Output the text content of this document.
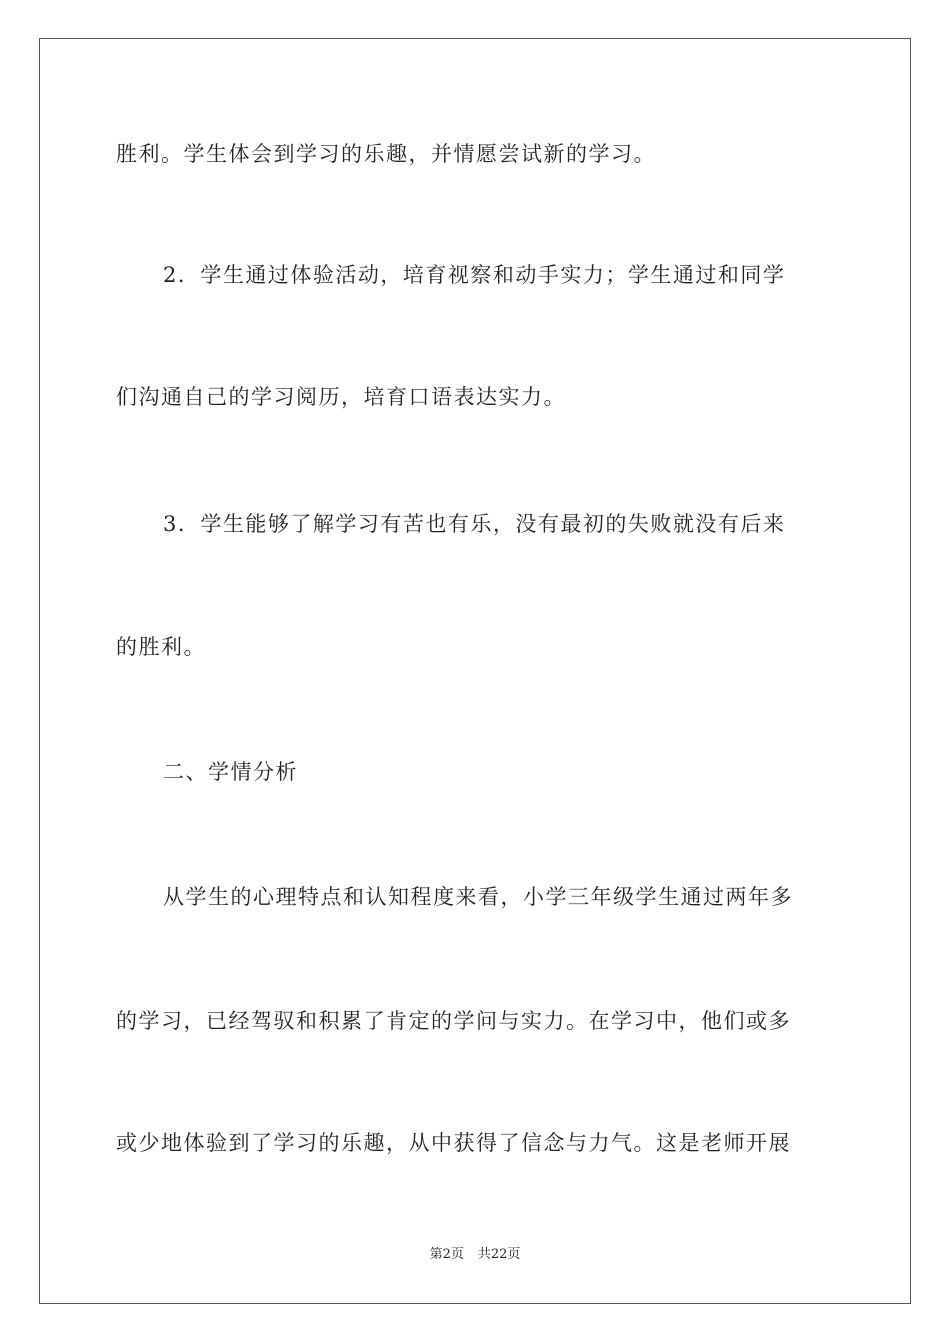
胜利。学生体会到学习的乐趣，并情愿尝试新的学习。
2．学生通过体验活动，培育视察和动手实力；学生通过和同学
们沟通自己的学习阅历，培育口语表达实力。
3．学生能够了解学习有苦也有乐，没有最初的失败就没有后来
的胜利。
二、学情分析
从学生的心理特点和认知程度来看，小学三年级学生通过两年多
的学习，已经驾驭和积累了肯定的学问与实力。在学习中，他们或多
或少地体验到了学习的乐趣，从中获得了信念与力气。这是老师开展
第2页 共22页
